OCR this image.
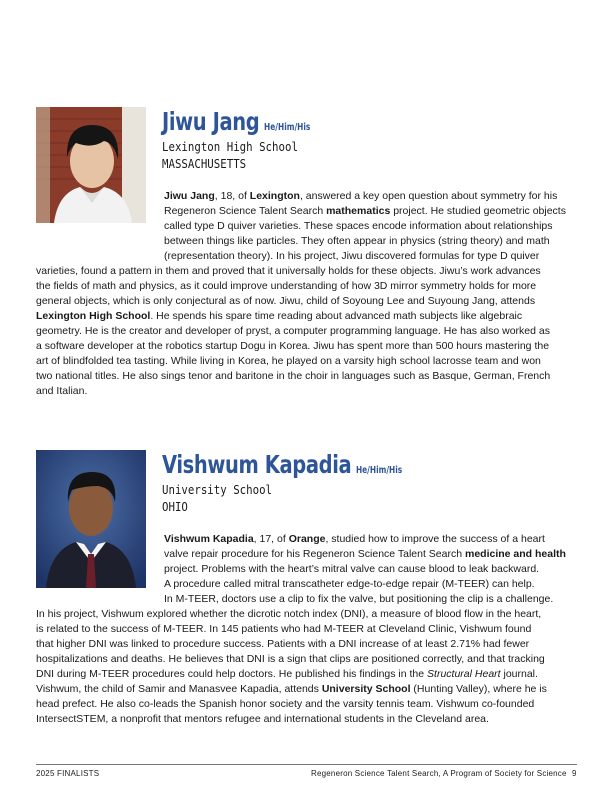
Jiwu Jang He/Him/His

Lexington High School

MASSACHUSETTS

Jiwu Jang, 18, of Lexington, answered a key open question about symmetry for his
Regeneron Science Talent Search mathematics project. He studied geometric objects
called type D quiver varieties. These spaces encode information about relationships
between things like particles. They often appear in physics (string theory) and math
(representation theory). In his project, Jiwu discovered formulas for type D quiver
varieties, found a pattern in them and proved that it universally holds for these objects. Jiwu’s work advances
the fields of math and physics, as it could improve understanding of how 3D mirror symmetry holds for more
general objects, which is only conjectural as of now. Jiwu, child of Soyoung Lee and Suyoung Jang, attends
Lexington High School. He spends his spare time reading about advanced math subjects like algebraic
geometry. He is the creator and developer of pryst, a computer programming language. He has also worked as
a software developer at the robotics startup Dogu in Korea. Jiwu has spent more than 500 hours mastering the
art of blindfolded tea tasting. While living in Korea, he played on a varsity high school lacrosse team and won
two national titles. He also sings tenor and baritone in the choir in languages such as Basque, German, French
and Italian.
Vishwum Kapadia He/Him/His

University School

OHIO

Vishwum Kapadia, 17, of Orange, studied how to improve the success of a heart
valve repair procedure for his Regeneron Science Talent Search medicine and health
project. Problems with the heart’s mitral valve can cause blood to leak backward.
A procedure called mitral transcatheter edge-to-edge repair (M-TEER) can help.
In M-TEER, doctors use a clip to fix the valve, but positioning the clip is a challenge.
In his project, Vishwum explored whether the dicrotic notch index (DNI), a measure of blood flow in the heart,
is related to the success of M-TEER. In 145 patients who had M-TEER at Cleveland Clinic, Vishwum found
that higher DNI was linked to procedure success. Patients with a DNI increase of at least 2.71% had fewer
hospitalizations and deaths. He believes that DNI is a sign that clips are positioned correctly, and that tracking
DNI during M-TEER procedures could help doctors. He published his findings in the Structural Heart journal.
Vishwum, the child of Samir and Manasvee Kapadia, attends University School (Hunting Valley), where he is
head prefect. He also co-leads the Spanish honor society and the varsity tennis team. Vishwum co-founded
IntersectSTEM, a nonprofit that mentors refugee and international students in the Cleveland area.
2025 FINALISTS	Regeneron Science Talent Search, A Program of Society for Science 9
